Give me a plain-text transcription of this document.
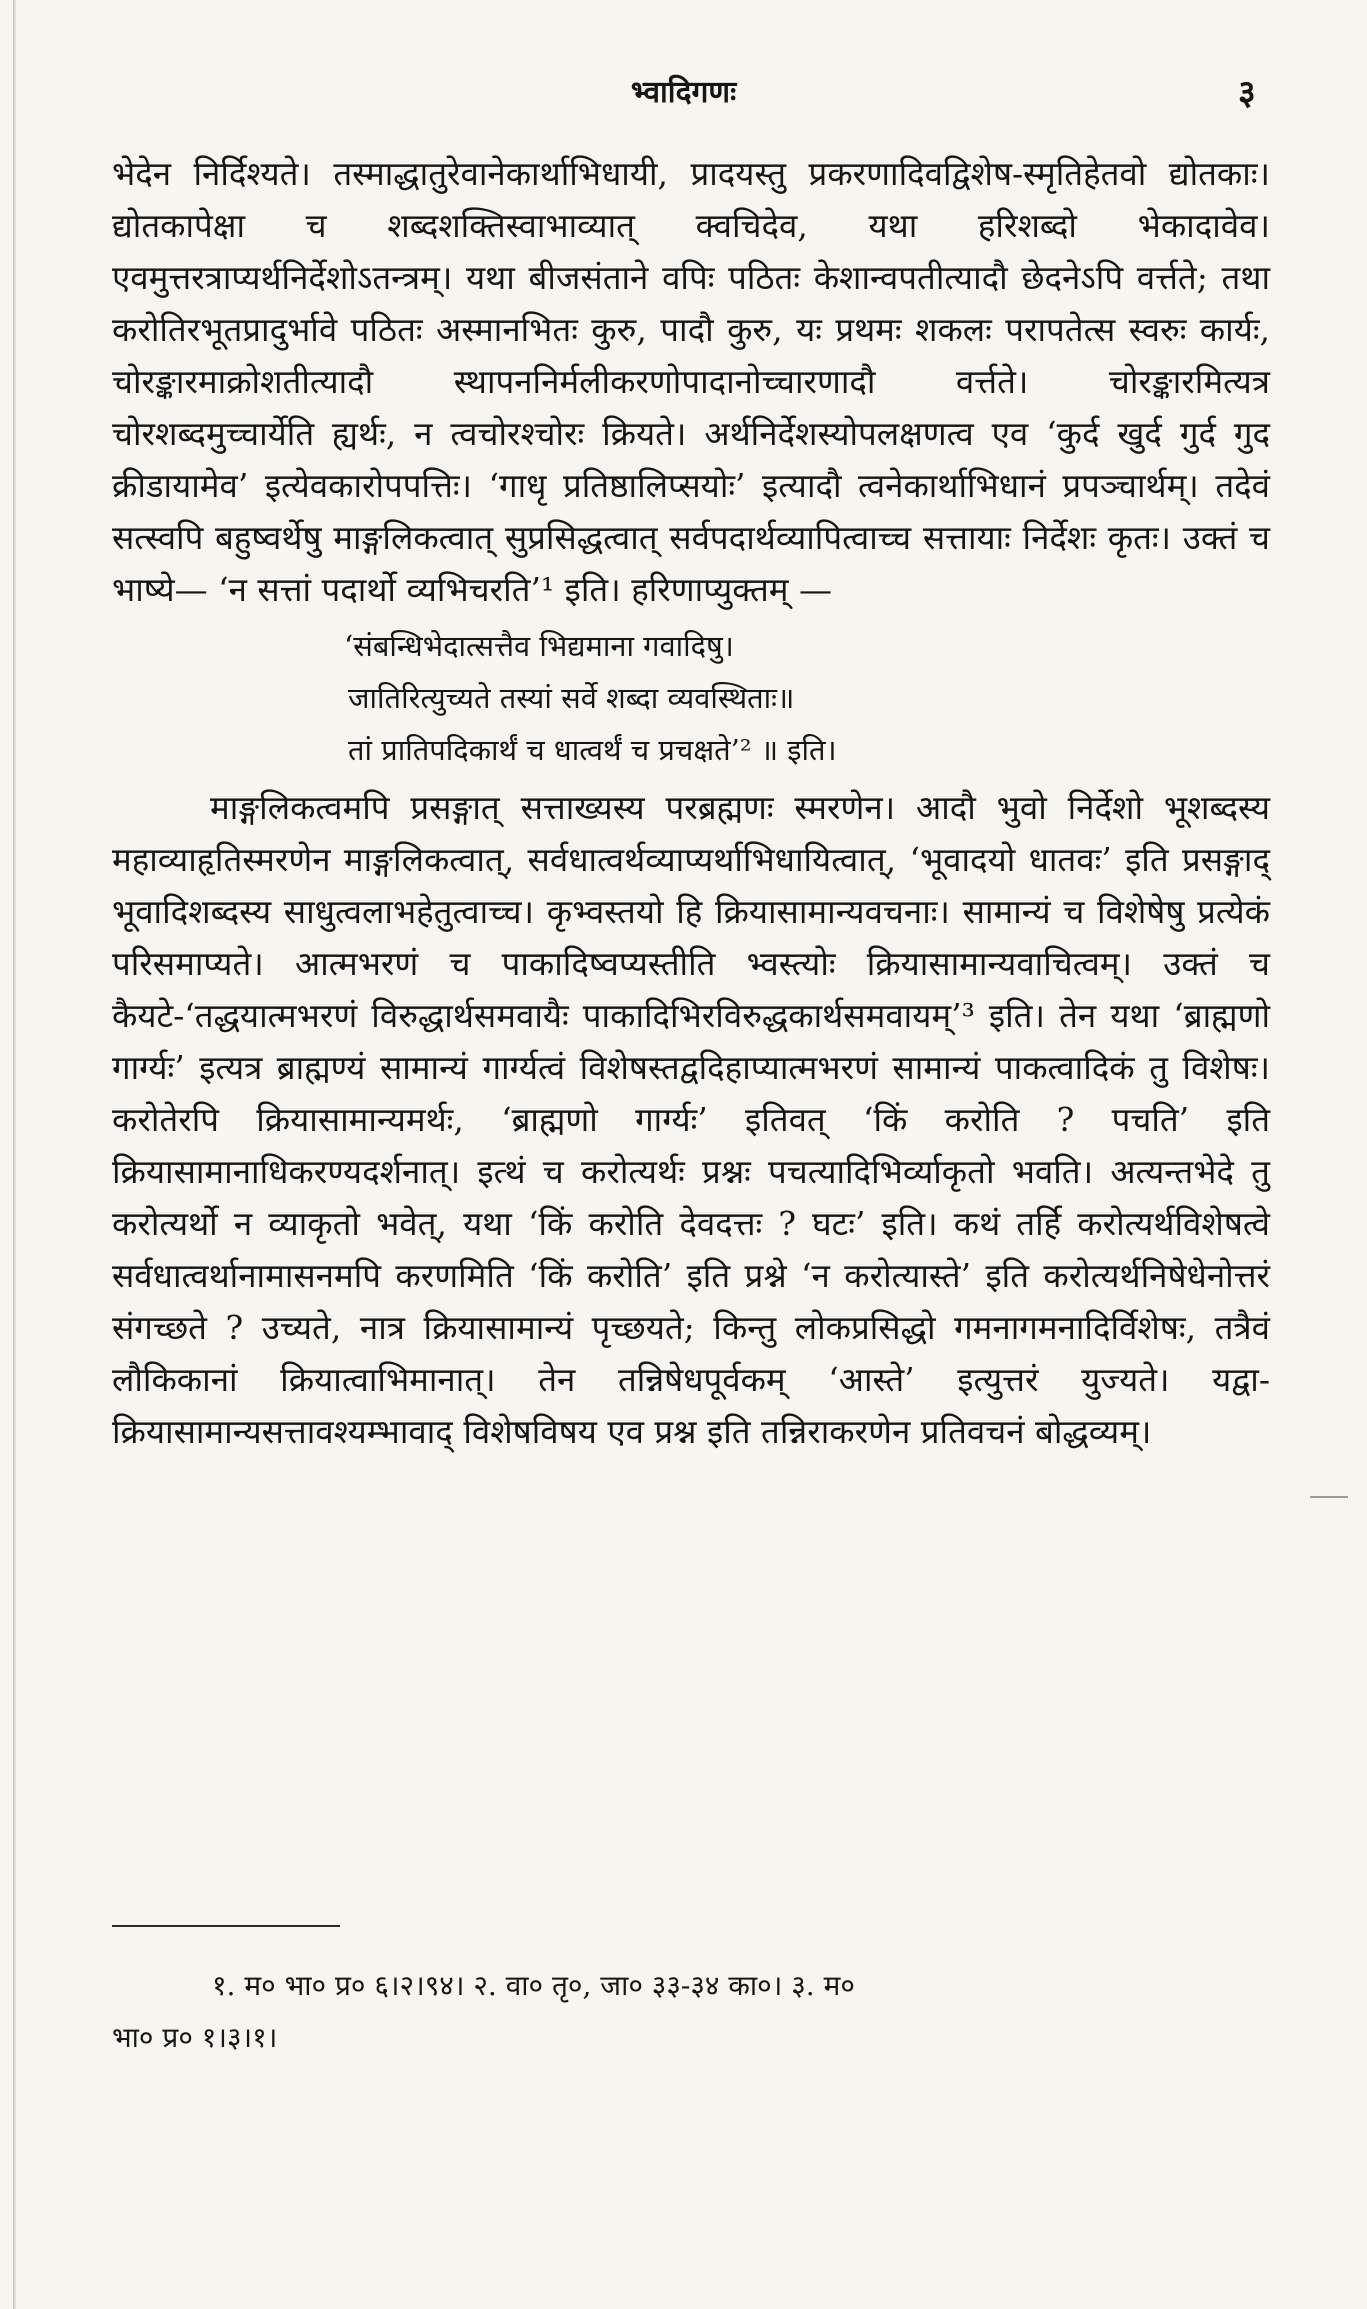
भ्वादिगणः	३

भेदेन निर्दिश्यते। तस्माद्धातुरेवानेकार्थाभिधायी, प्रादयस्तु प्रकरणादिवद्विशेष-स्मृतिहेतवो द्योतकाः। द्योतकापेक्षा च शब्दशक्तिस्वाभाव्यात् क्वचिदेव, यथा हरिशब्दो भेकादावेव। एवमुत्तरत्राप्यर्थनिर्देशोऽतन्त्रम्। यथा बीजसंताने वपिः पठितः केशान्वपतीत्यादौ छेदनेऽपि वर्त्तते; तथा करोतिरभूतप्रादुर्भावे पठितः अस्मानभितः कुरु, पादौ कुरु, यः प्रथमः शकलः परापतेत्स स्वरुः कार्यः, चोरङ्कारमाक्रोशतीत्यादौ स्थापननिर्मलीकरणोपादानोच्चारणादौ वर्त्तते। चोरङ्कारमित्यत्र चोरशब्दमुच्चार्येति ह्यर्थः, न त्वचोरश्चोरः क्रियते। अर्थनिर्देशस्योपलक्षणत्व एव ‘कुर्द खुर्द गुर्द गुद क्रीडायामेव’ इत्येवकारोपपत्तिः। ‘गाधृ प्रतिष्ठालिप्सयोः’ इत्यादौ त्वनेकार्थाभिधानं प्रपञ्चार्थम्। तदेवं सत्स्वपि बहुष्वर्थेषु माङ्गलिकत्वात् सुप्रसिद्धत्वात् सर्वपदार्थव्यापित्वाच्च सत्तायाः निर्देशः कृतः। उक्तं च भाष्ये— ‘न सत्तां पदार्थो व्यभिचरति’¹ इति। हरिणाप्युक्तम् —

‘संबन्धिभेदात्सत्तैव भिद्यमाना गवादिषु।
जातिरित्युच्यते तस्यां सर्वे शब्दा व्यवस्थिताः॥
तां प्रातिपदिकार्थं च धात्वर्थं च प्रचक्षते’² ॥ इति।

माङ्गलिकत्वमपि प्रसङ्गात् सत्ताख्यस्य परब्रह्मणः स्मरणेन। आदौ भुवो निर्देशो भूशब्दस्य महाव्याहृतिस्मरणेन माङ्गलिकत्वात्, सर्वधात्वर्थव्याप्यर्थाभिधायित्वात्, ‘भूवादयो धातवः’ इति प्रसङ्गाद् भूवादिशब्दस्य साधुत्वलाभहेतुत्वाच्च। कृभ्वस्तयो हि क्रियासामान्यवचनाः। सामान्यं च विशेषेषु प्रत्येकं परिसमाप्यते। आत्मभरणं च पाकादिष्वप्यस्तीति भ्वस्त्योः क्रियासामान्यवाचित्वम्। उक्तं च कैयटे-‘तद्धयात्मभरणं विरुद्धार्थसमवायैः पाकादिभिरविरुद्धकार्थसमवायम्’³ इति। तेन यथा ‘ब्राह्मणो गार्ग्यः’ इत्यत्र ब्राह्मण्यं सामान्यं गार्ग्यत्वं विशेषस्तद्वदिहाप्यात्मभरणं सामान्यं पाकत्वादिकं तु विशेषः। करोतेरपि क्रियासामान्यमर्थः, ‘ब्राह्मणो गार्ग्यः’ इतिवत् ‘किं करोति ? पचति’ इति क्रियासामानाधिकरण्यदर्शनात्। इत्थं च करोत्यर्थः प्रश्नः पचत्यादिभिर्व्याकृतो भवति। अत्यन्तभेदे तु करोत्यर्थो न व्याकृतो भवेत्, यथा ‘किं करोति देवदत्तः ? घटः’ इति। कथं तर्हि करोत्यर्थविशेषत्वे सर्वधात्वर्थानामासनमपि करणमिति ‘किं करोति’ इति प्रश्ने ‘न करोत्यास्ते’ इति करोत्यर्थनिषेधेनोत्तरं संगच्छते ? उच्यते, नात्र क्रियासामान्यं पृच्छयते; किन्तु लोकप्रसिद्धो गमनागमनादिर्विशेषः, तत्रैवं लौकिकानां क्रियात्वाभिमानात्। तेन तन्निषेधपूर्वकम् ‘आस्ते’ इत्युत्तरं युज्यते। यद्वा-क्रियासामान्यसत्तावश्यम्भावाद् विशेषविषय एव प्रश्न इति तन्निराकरणेन प्रतिवचनं बोद्धव्यम्।

१. म० भा० प्र० ६।२।९४। २. वा० तृ०, जा० ३३-३४ का०। ३. म०
भा० प्र० १।३।१।
